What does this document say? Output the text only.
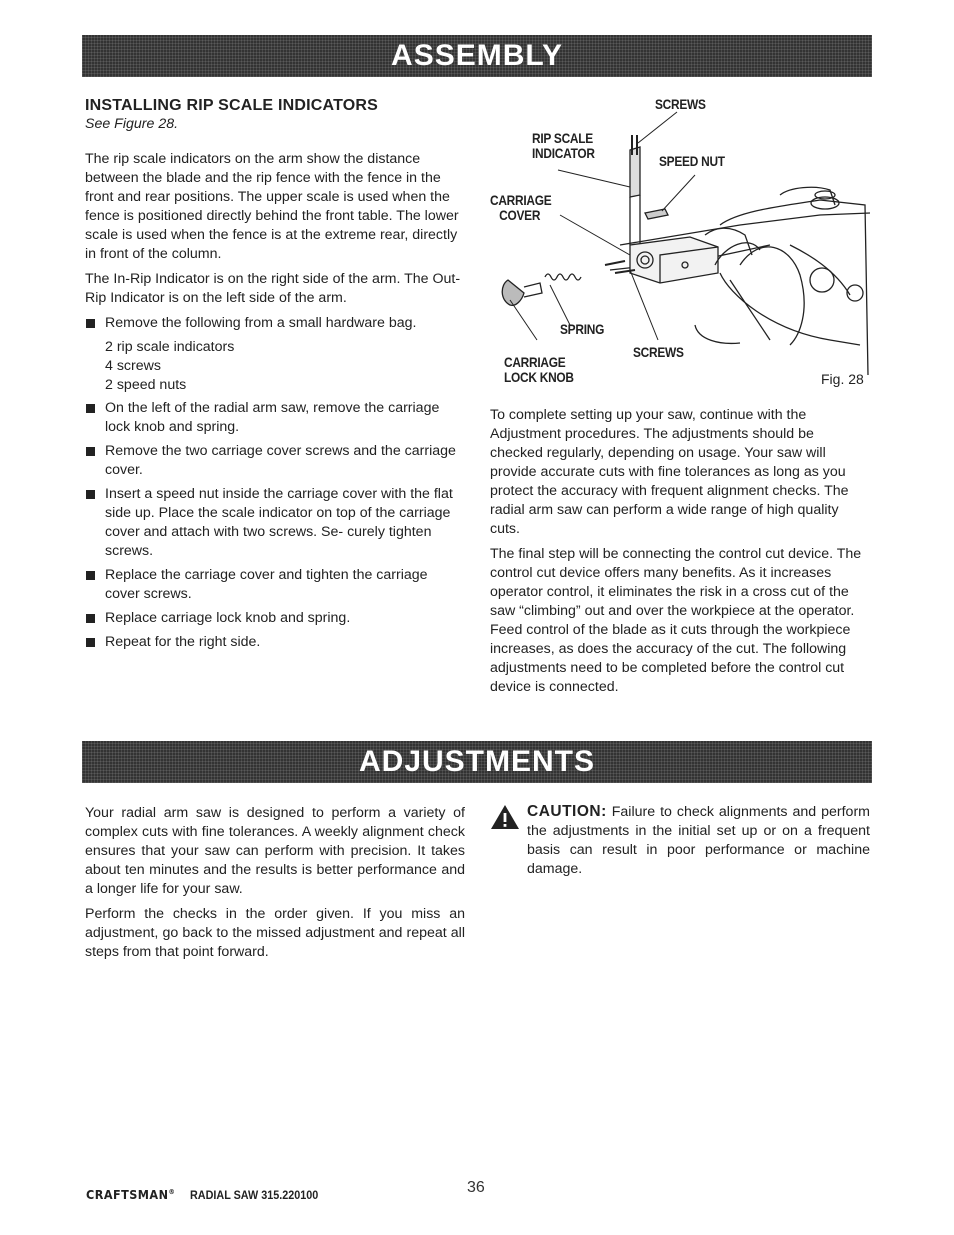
ASSEMBLY
INSTALLING RIP SCALE INDICATORS
See Figure 28.

The rip scale indicators on the arm show the distance between the blade and the rip fence with the fence in the front and rear positions. The upper scale is used when the fence is positioned directly behind the front table. The lower scale is used when the fence is at the extreme rear, directly in front of the column.

The In-Rip Indicator is on the right side of the arm. The Out-Rip Indicator is on the left side of the arm.

Remove the following from a small hardware bag.
2 rip scale indicators
4 screws
2 speed nuts
On the left of the radial arm saw, remove the carriage lock knob and spring.
Remove the two carriage cover screws and the carriage cover.
Insert a speed nut inside the carriage cover with the flat side up. Place the scale indicator on top of the carriage cover and attach with two screws. Se- curely tighten screws.
Replace the carriage cover and tighten the carriage cover screws.
Replace carriage lock knob and spring.
Repeat for the right side.
SCREWS
RIP SCALE
INDICATOR	SPEED NUT
CARRIAGE
COVER
SPRING
SCREWS
CARRIAGE
LOCK KNOB	Fig. 28

To complete setting up your saw, continue with the Adjustment procedures. The adjustments should be checked regularly, depending on usage. Your saw will provide accurate cuts with fine tolerances as long as you protect the accuracy with frequent alignment checks. The radial arm saw can perform a wide range of high quality cuts.

The final step will be connecting the control cut device. The control cut device offers many benefits. As it increases operator control, it eliminates the risk in a cross cut of the saw “climbing” out and over the workpiece at the operator. Feed control of the blade as it cuts through the workpiece increases, as does the accuracy of the cut. The following adjustments need to be completed before the control cut device is connected.

ADJUSTMENTS

Your radial arm saw is designed to perform a variety of complex cuts with fine tolerances. A weekly alignment check ensures that your saw can perform with precision. It takes about ten minutes and the results is better performance and a longer life for your saw.

Perform the checks in the order given. If you miss an adjustment, go back to the missed adjustment and repeat all steps from that point forward.

CAUTION: Failure to check alignments and perform the adjustments in the initial set up or on a frequent basis can result in poor performance or machine damage.
CRAFTSMAN® RADIAL SAW 315.220100	36
